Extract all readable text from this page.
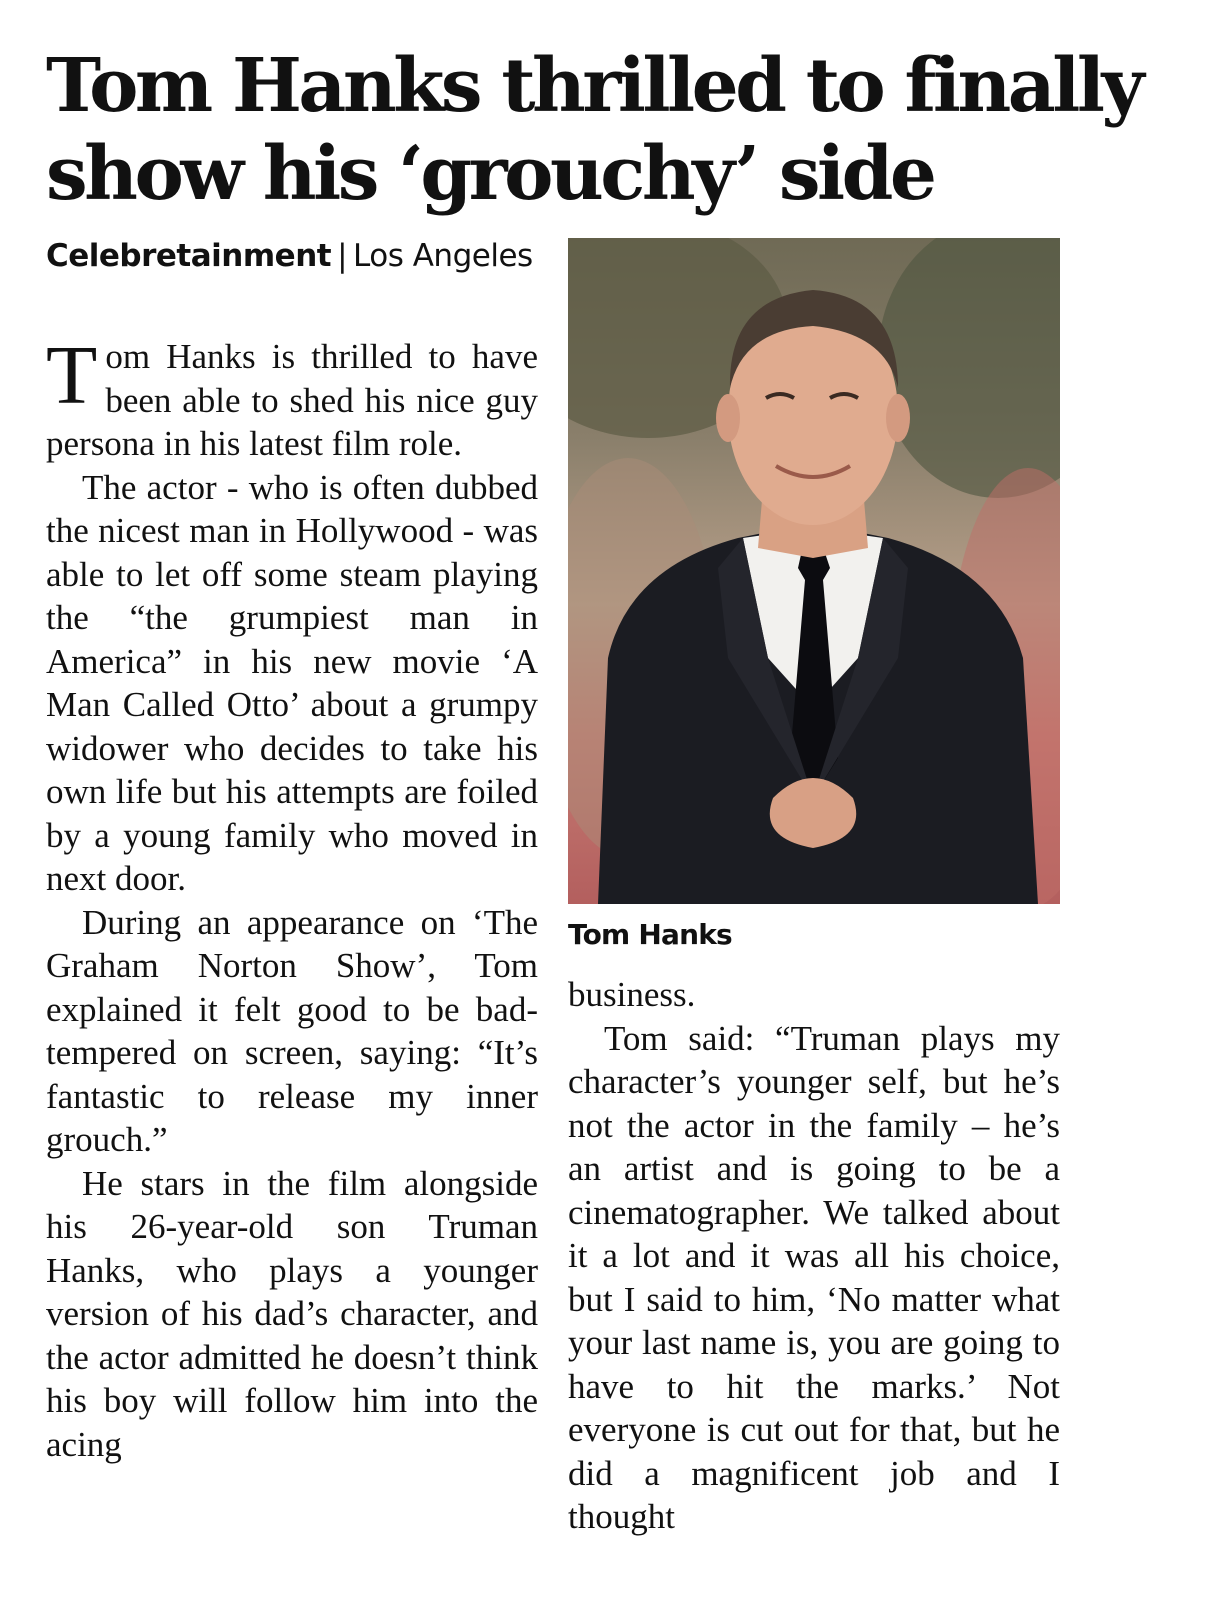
Tom Hanks thrilled to finally
show his ‘grouchy’ side
Celebretainment | Los Angeles

Tom Hanks is thrilled to have been able to shed his nice guy persona in his latest film role.

The actor - who is often dubbed the nicest man in Hollywood - was able to let off some steam playing the “the grumpiest man in America” in his new movie ‘A Man Called Otto’ about a grumpy widower who decides to take his own life but his attempts are foiled by a young family who moved in next door.

During an appearance on ‘The Graham Norton Show’, Tom explained it felt good to be bad-tempered on screen, saying: “It’s fantastic to release my inner grouch.”

He stars in the film alongside his 26-year-old son Truman Hanks, who plays a younger version of his dad’s character, and the actor admitted he doesn’t think his boy will follow him into the acing

Tom Hanks

business.

Tom said: “Truman plays my character’s younger self, but he’s not the actor in the family – he’s an artist and is going to be a cinematographer. We talked about it a lot and it was all his choice, but I said to him, ‘No matter what your last name is, you are going to have to hit the marks.’ Not everyone is cut out for that, but he did a magnificent job and I thought
